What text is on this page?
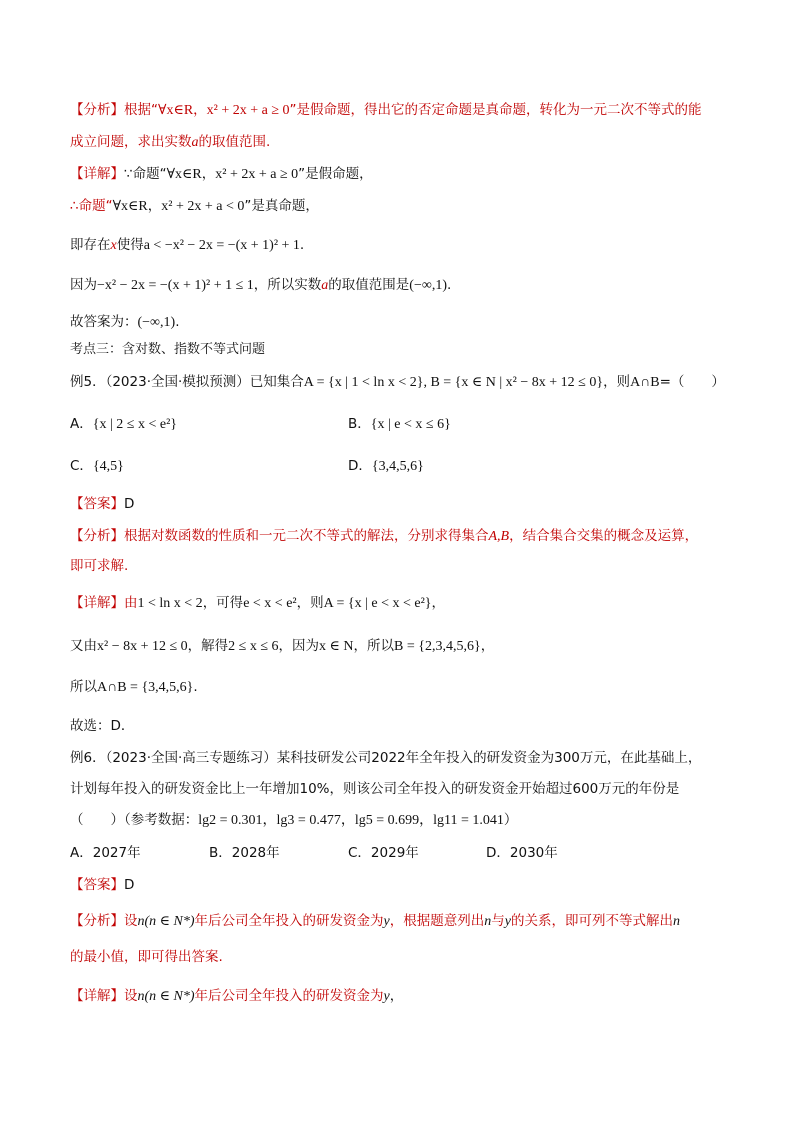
【分析】根据“∀x∈R，x² + 2x + a ≥ 0”是假命题，得出它的否定命题是真命题，转化为一元二次不等式的能
成立问题，求出实数a的取值范围.
【详解】∵命题“∀x∈R，x² + 2x + a ≥ 0”是假命题，
∴命题“∀x∈R，x² + 2x + a < 0”是真命题，
即存在x使得a < −x² − 2x = −(x + 1)² + 1.
因为−x² − 2x = −(x + 1)² + 1 ≤ 1，所以实数a的取值范围是(−∞,1).
故答案为：(−∞,1).
考点三：含对数、指数不等式问题
例5．（2023·全国·模拟预测）已知集合A = {x | 1 < ln x < 2}, B = {x ∈ N | x² − 8x + 12 ≤ 0}，则A∩B=（　　）
A．{x | 2 ≤ x < e²}	B．{x | e < x ≤ 6}
C．{4,5}	D．{3,4,5,6}
【答案】D
【分析】根据对数函数的性质和一元二次不等式的解法，分别求得集合A,B，结合集合交集的概念及运算，
即可求解.
【详解】由1 < ln x < 2，可得e < x < e²，则A = {x | e < x < e²}，
又由x² − 8x + 12 ≤ 0，解得2 ≤ x ≤ 6，因为x ∈ N，所以B = {2,3,4,5,6}，
所以A∩B = {3,4,5,6}.
故选：D．
例6．（2023·全国·高三专题练习）某科技研发公司2022年全年投入的研发资金为300万元，在此基础上，
计划每年投入的研发资金比上一年增加10%，则该公司全年投入的研发资金开始超过600万元的年份是
（　　）（参考数据：lg2 = 0.301，lg3 = 0.477，lg5 = 0.699，lg11 = 1.041）
A．2027年	B．2028年	C．2029年	D．2030年
【答案】D
【分析】设n(n ∈ N*)年后公司全年投入的研发资金为y，根据题意列出n与y的关系，即可列不等式解出n
的最小值，即可得出答案.
【详解】设n(n ∈ N*)年后公司全年投入的研发资金为y，
